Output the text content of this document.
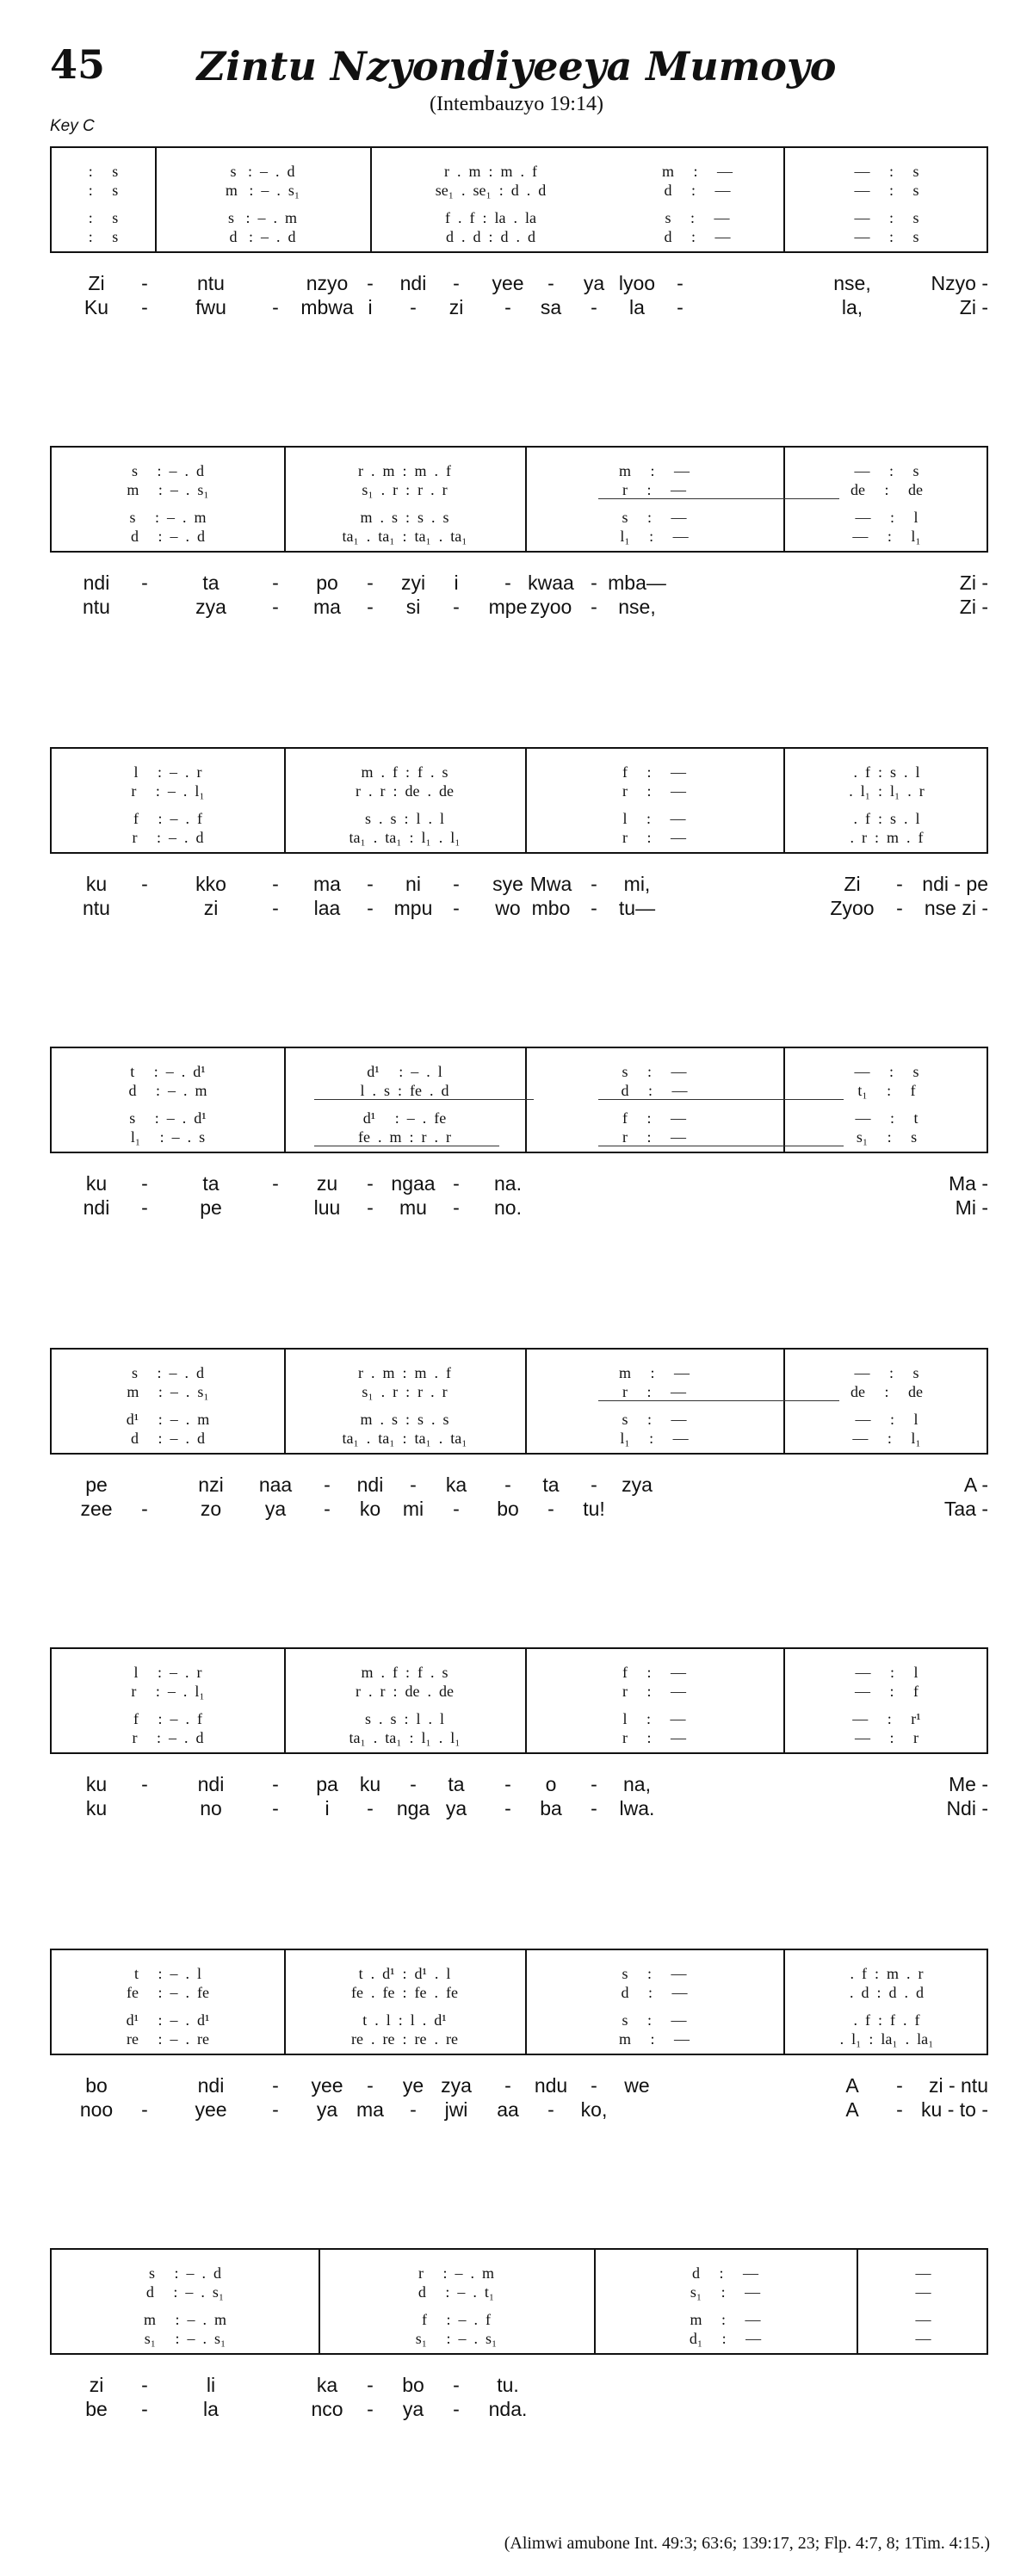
45	Zintu Nzyondiyeeya Mumoyo
(Intembauzyo 19:14)
Key C
:     s	s   :  –  .  d	r  .  m  :  m  .  f	m     :     —	—     :     s
:     s	m   :  –  .  s₁	se₁  .  se₁  :  d  .  d	d     :     —	—     :     s
:     s	s   :  –  .  m	f  .  f  :  la  .  la	s     :     —	—     :     s
:     s	d   :  –  .  d	d  .  d  :  d  .  d	d     :     —	—     :     s
Zi	-	ntu	nzyo -	ndi	-	yee	-	ya lyoo	-	nse,	Nzyo -
Ku	-	fwu	-	mbwa i	-	zi	-	sa	-	la	-	la,	Zi -
s     :  –  .  d	r  .  m  :  m  .  f	m     :     —	—     :     s
m     :  –  .  s₁	s₁  .  r  :  r  .  r	r     :     —	de     :     de
s     :  –  .  m	m  .  s  :  s  .  s	s     :     —	—     :     l
d     :  –  .  d	ta₁  .  ta₁  :  ta₁  .  ta₁	l₁     :     —	—     :     l₁
ndi	-	ta	-	po	-	zyi	i	- kwaa - mba—	Zi -
ntu	zya	-	ma	-	si	-	mpe zyoo -	nse,	Zi -
l     :  –  .  r	m  .  f  :  f  .  s	f     :     —	.  f  :  s  .  l
r     :  –  .  l₁	r  .  r  :  de  .  de	r     :     —	.  l₁  :  l₁  .  r
f     :  –  .  f	s  .  s  :  l  .  l	l     :     —	.  f  :  s  .  l
r     :  –  .  d	ta₁  .  ta₁  :  l₁  .  l₁	r     :     —	.  r  :  m  .  f
ku	-	kko	-	ma	-	ni	-	sye Mwa -	mi,	Zi	- ndi - pe
ntu	zi	-	laa	-	mpu	-	wo mbo	-	tu—	Zyoo	-	nse zi -
t     :  –  .  d¹	d¹     :  –  .  l	s     :     —	—     :     s
d     :  –  .  m	l  .  s  :  fe  .  d	d     :     —	t₁     :     f
s     :  –  .  d¹	d¹     :  –  .  fe	f     :     —	—     :     t
l₁     :  –  .  s	fe  .  m  :  r  .  r	r     :     —	s₁     :     s
ku	-	ta	-	zu	- ngaa -	na.	Ma -
ndi	-	pe	luu	-	mu	-	no.	Mi -
s     :  –  .  d	r  .  m  :  m  .  f	m     :     —	—     :     s
m     :  –  .  s₁	s₁  .  r  :  r  .  r	r     :     —	de     :     de
d¹     :  –  .  m	m  .  s  :  s  .  s	s     :     —	—     :     l
d     :  –  .  d	ta₁  .  ta₁  :  ta₁  .  ta₁	l₁     :     —	—     :     l₁
pe	nzi	naa	-	ndi	-	ka	-	ta	-	zya	A -
zee	-	zo	ya	-	ko	mi	-	bo	-	tu!	Taa -
l     :  –  .  r	m  .  f  :  f  .  s	f     :     —	—     :     l
r     :  –  .  l₁	r  .  r  :  de  .  de	r     :     —	—     :     f
f     :  –  .  f	s  .  s  :  l  .  l	l     :     —	—     :     r¹
r     :  –  .  d	ta₁  .  ta₁  :  l₁  .  l₁	r     :     —	—     :     r
ku	-	ndi	-	pa	ku	-	ta	-	o	-	na,	Me -
ku	no	-	i	-	nga ya	-	ba	-	lwa.	Ndi -
t     :  –  .  l	t  .  d¹  :  d¹  .  l	s     :     —	.  f  :  m  .  r
fe     :  –  .  fe	fe  .  fe  :  fe  .  fe	d     :     —	.  d  :  d  .  d
d¹     :  –  .  d¹	t  .  l  :  l  .  d¹	s     :     —	.  f  :  f  .  f
re     :  –  .  re	re  .  re  :  re  .  re	m     :     —	.  l₁  :  la₁  .  la₁
bo	ndi	-	yee	-	ye zya	-	ndu	-	we	A	-	zi - ntu
noo	-	yee	-	ya ma	-	jwi	aa	-	ko,	A	- ku - to -
s     :  –  .  d	r     :  –  .  m	d     :     —	—
d     :  –  .  s₁	d     :  –  .  t₁	s₁     :     —	—
m     :  –  .  m	f     :  –  .  f	m     :     —	—
s₁     :  –  .  s₁	s₁     :  –  .  s₁	d₁     :     —	—
zi	-	li	ka	-	bo	-	tu.
be	-	la	nco	-	ya	-	nda.
(Alimwi amubone Int. 49:3; 63:6; 139:17, 23; Flp. 4:7, 8; 1Tim. 4:15.)
